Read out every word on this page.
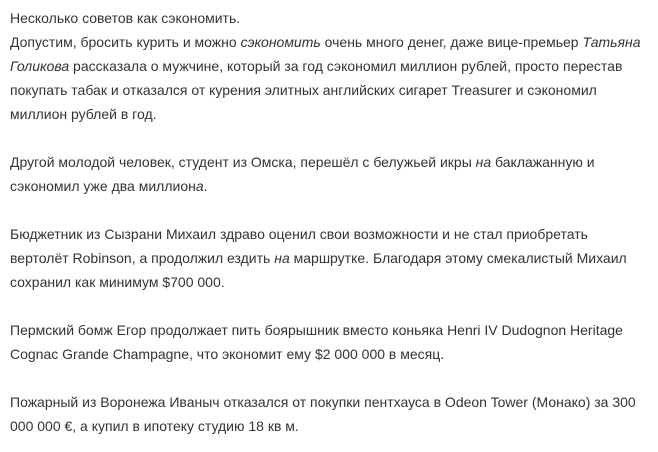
Несколько советов как сэкономить.
Допустим, бросить курить и можно сэкономить очень много денег, даже вице-премьер Татьяна Голикова рассказала о мужчине, который за год сэкономил миллион рублей, просто перестав покупать табак и отказался от курения элитных английских сигарет Treasurer и сэкономил миллион рублей в год.

Другой молодой человек, студент из Омска, перешёл с белужьей икры на баклажанную и сэкономил уже два миллиона.

Бюджетник из Сызрани Михаил здраво оценил свои возможности и не стал приобретать вертолёт Robinson, а продолжил ездить на маршрутке. Благодаря этому смекалистый Михаил сохранил как минимум $700 000.

Пермский бомж Егор продолжает пить боярышник вместо коньяка Henri IV Dudognon Heritage Cognac Grande Champagne, что экономит ему $2 000 000 в месяц.

Пожарный из Воронежа Иваныч отказался от покупки пентхауса в Odeon Tower (Монако) за 300 000 000 €, а купил в ипотеку студию 18 кв м.
